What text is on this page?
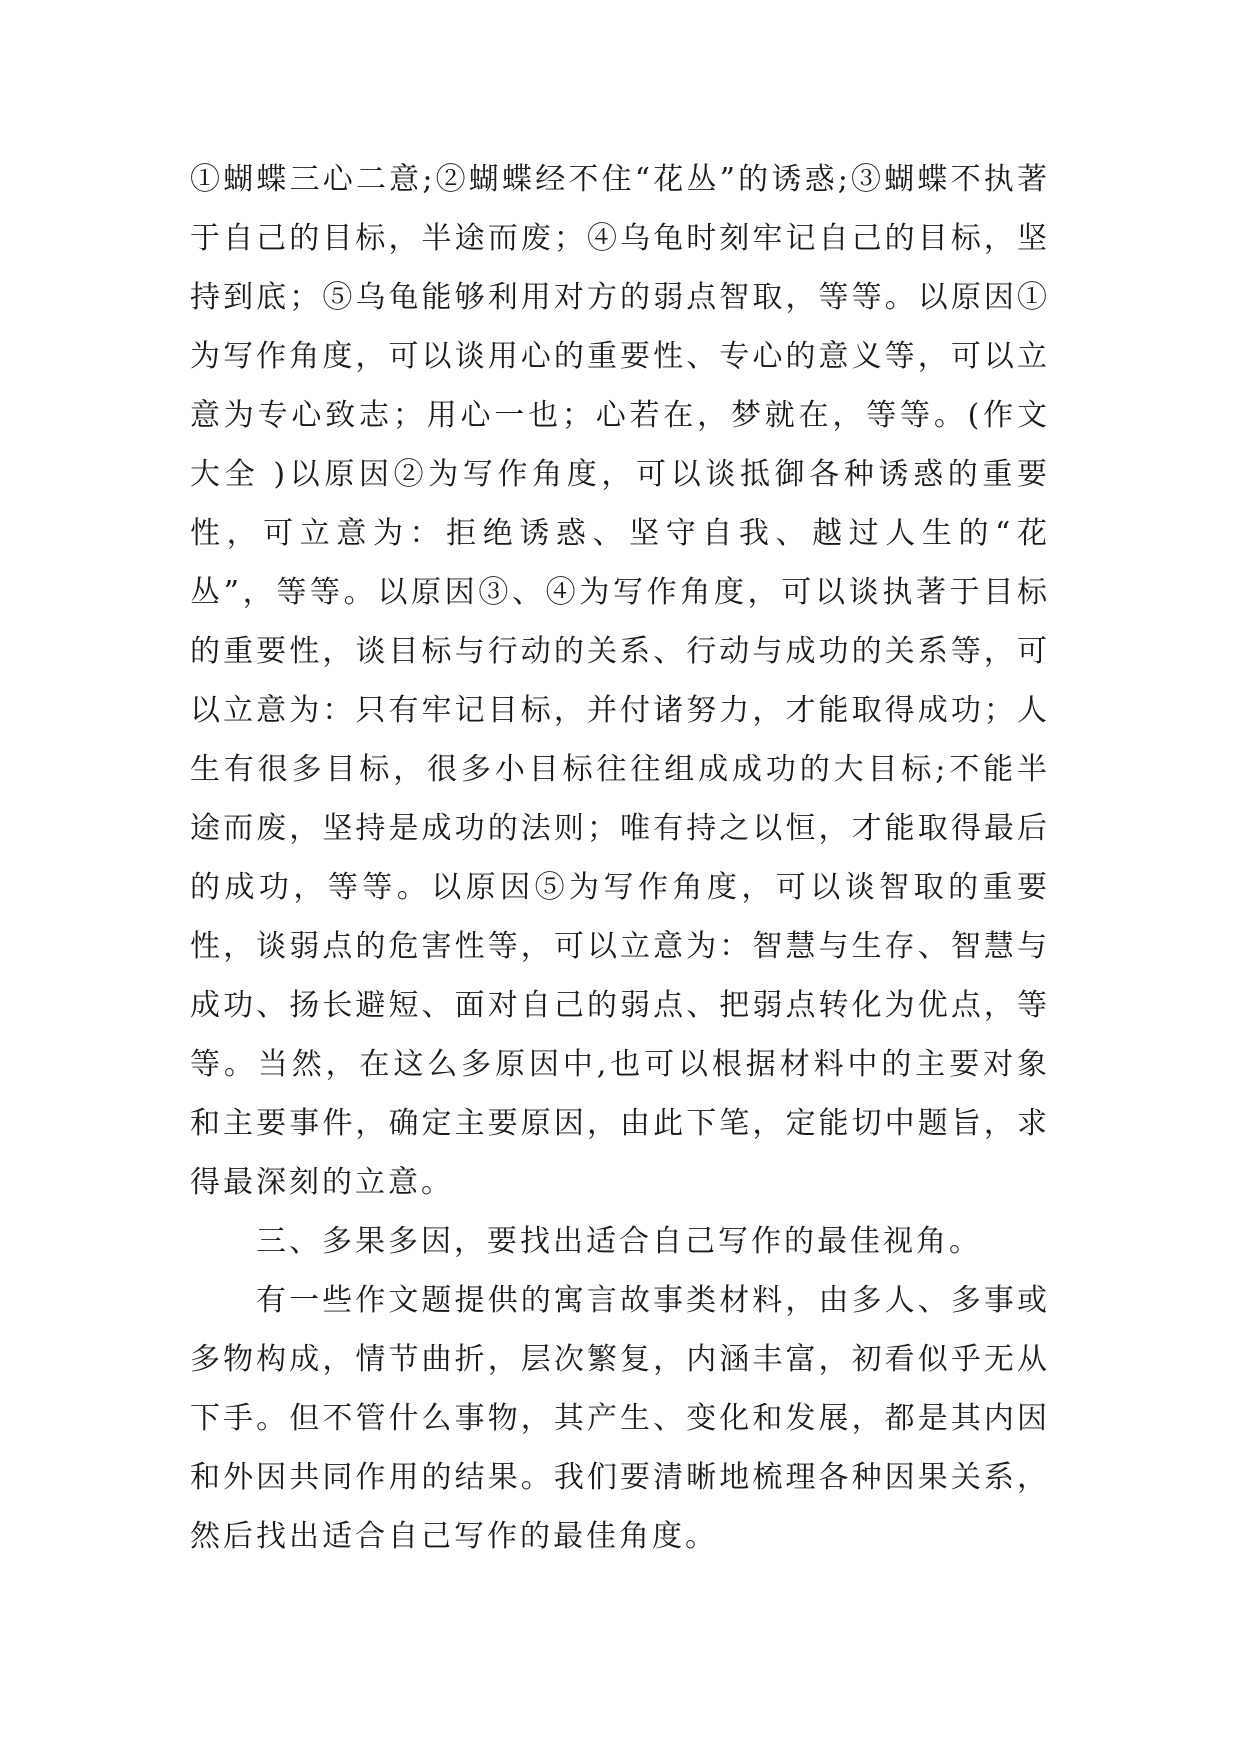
①蝴蝶三心二意;②蝴蝶经不住“花丛”的诱惑;③蝴蝶不执著于自己的目标，半途而废；④乌龟时刻牢记自己的目标，坚持到底；⑤乌龟能够利用对方的弱点智取，等等。以原因①为写作角度，可以谈用心的重要性、专心的意义等，可以立意为专心致志；用心一也；心若在，梦就在，等等。(作文大全 )以原因②为写作角度，可以谈抵御各种诱惑的重要性，可立意为：拒绝诱惑、坚守自我、越过人生的“花丛”，等等。以原因③、④为写作角度，可以谈执著于目标的重要性，谈目标与行动的关系、行动与成功的关系等，可以立意为：只有牢记目标，并付诸努力，才能取得成功；人生有很多目标，很多小目标往往组成成功的大目标;不能半途而废，坚持是成功的法则；唯有持之以恒，才能取得最后的成功，等等。以原因⑤为写作角度，可以谈智取的重要性，谈弱点的危害性等，可以立意为：智慧与生存、智慧与成功、扬长避短、面对自己的弱点、把弱点转化为优点，等等。当然，在这么多原因中,也可以根据材料中的主要对象和主要事件，确定主要原因，由此下笔，定能切中题旨，求得最深刻的立意。

三、多果多因，要找出适合自己写作的最佳视角。

有一些作文题提供的寓言故事类材料，由多人、多事或多物构成，情节曲折，层次繁复，内涵丰富，初看似乎无从下手。但不管什么事物，其产生、变化和发展，都是其内因和外因共同作用的结果。我们要清晰地梳理各种因果关系，然后找出适合自己写作的最佳角度。
